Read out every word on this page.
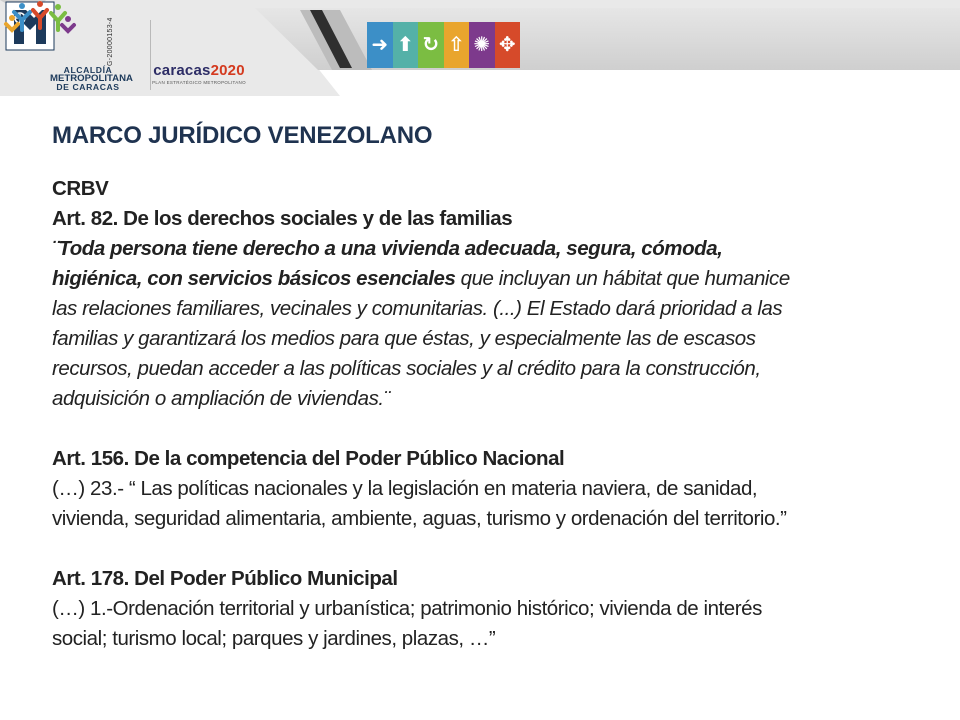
ALCALDÍA
METROPOLITANA
DE CARACAS
G-20000153-4
caracas2020
PLAN ESTRATÉGICO METROPOLITANO
➜ ⬆ ↻ ⇧ ✺ ✥
MARCO JURÍDICO VENEZOLANO

CRBV

Art. 82. De los derechos sociales y de las familias

¨Toda persona tiene derecho a una vivienda adecuada, segura, cómoda,

higiénica, con servicios básicos esenciales que incluyan un hábitat que humanice

las relaciones familiares, vecinales y comunitarias. (...) El Estado dará prioridad a las

familias y garantizará los medios para que éstas, y especialmente las de escasos

recursos, puedan acceder a las políticas sociales y al crédito para la construcción,

adquisición o ampliación de viviendas.¨

Art. 156. De la competencia del Poder Público Nacional

(…) 23.- “ Las políticas nacionales y la legislación en materia naviera, de sanidad,

vivienda, seguridad alimentaria, ambiente, aguas, turismo y ordenación del territorio.”

Art. 178. Del Poder Público Municipal

(…) 1.-Ordenación territorial y urbanística; patrimonio histórico; vivienda de interés

social; turismo local; parques y jardines, plazas, …”
